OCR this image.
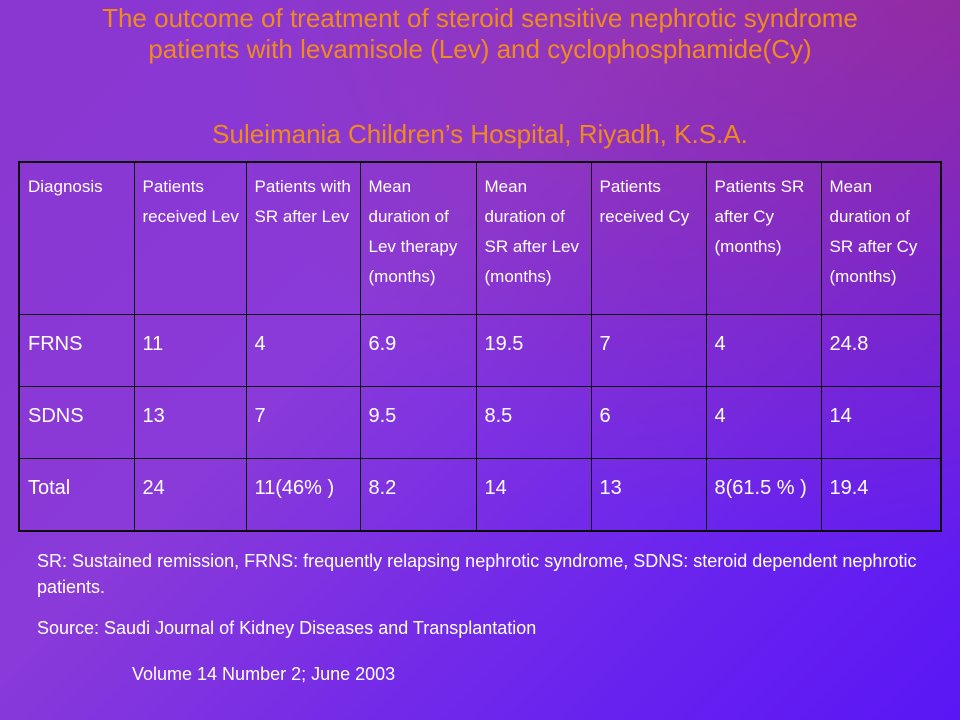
The outcome of treatment of steroid sensitive nephrotic syndrome patients with levamisole (Lev) and cyclophosphamide(Cy)
Suleimania Children’s Hospital, Riyadh, K.S.A.
Diagnosis	Patients received Lev	Patients with SR after Lev	Mean duration of Lev therapy (months)	Mean duration of SR after Lev (months)	Patients received Cy	Patients SR after Cy (months)	Mean duration of SR after Cy (months)
FRNS	11	4	6.9	19.5	7	4	24.8
SDNS	13	7	9.5	8.5	6	4	14
Total	24	11(46% )	8.2	14	13	8(61.5 % )	19.4
SR: Sustained remission, FRNS: frequently relapsing nephrotic syndrome, SDNS: steroid dependent nephrotic patients.
Source: Saudi Journal of Kidney Diseases and Transplantation
Volume 14 Number 2; June 2003
